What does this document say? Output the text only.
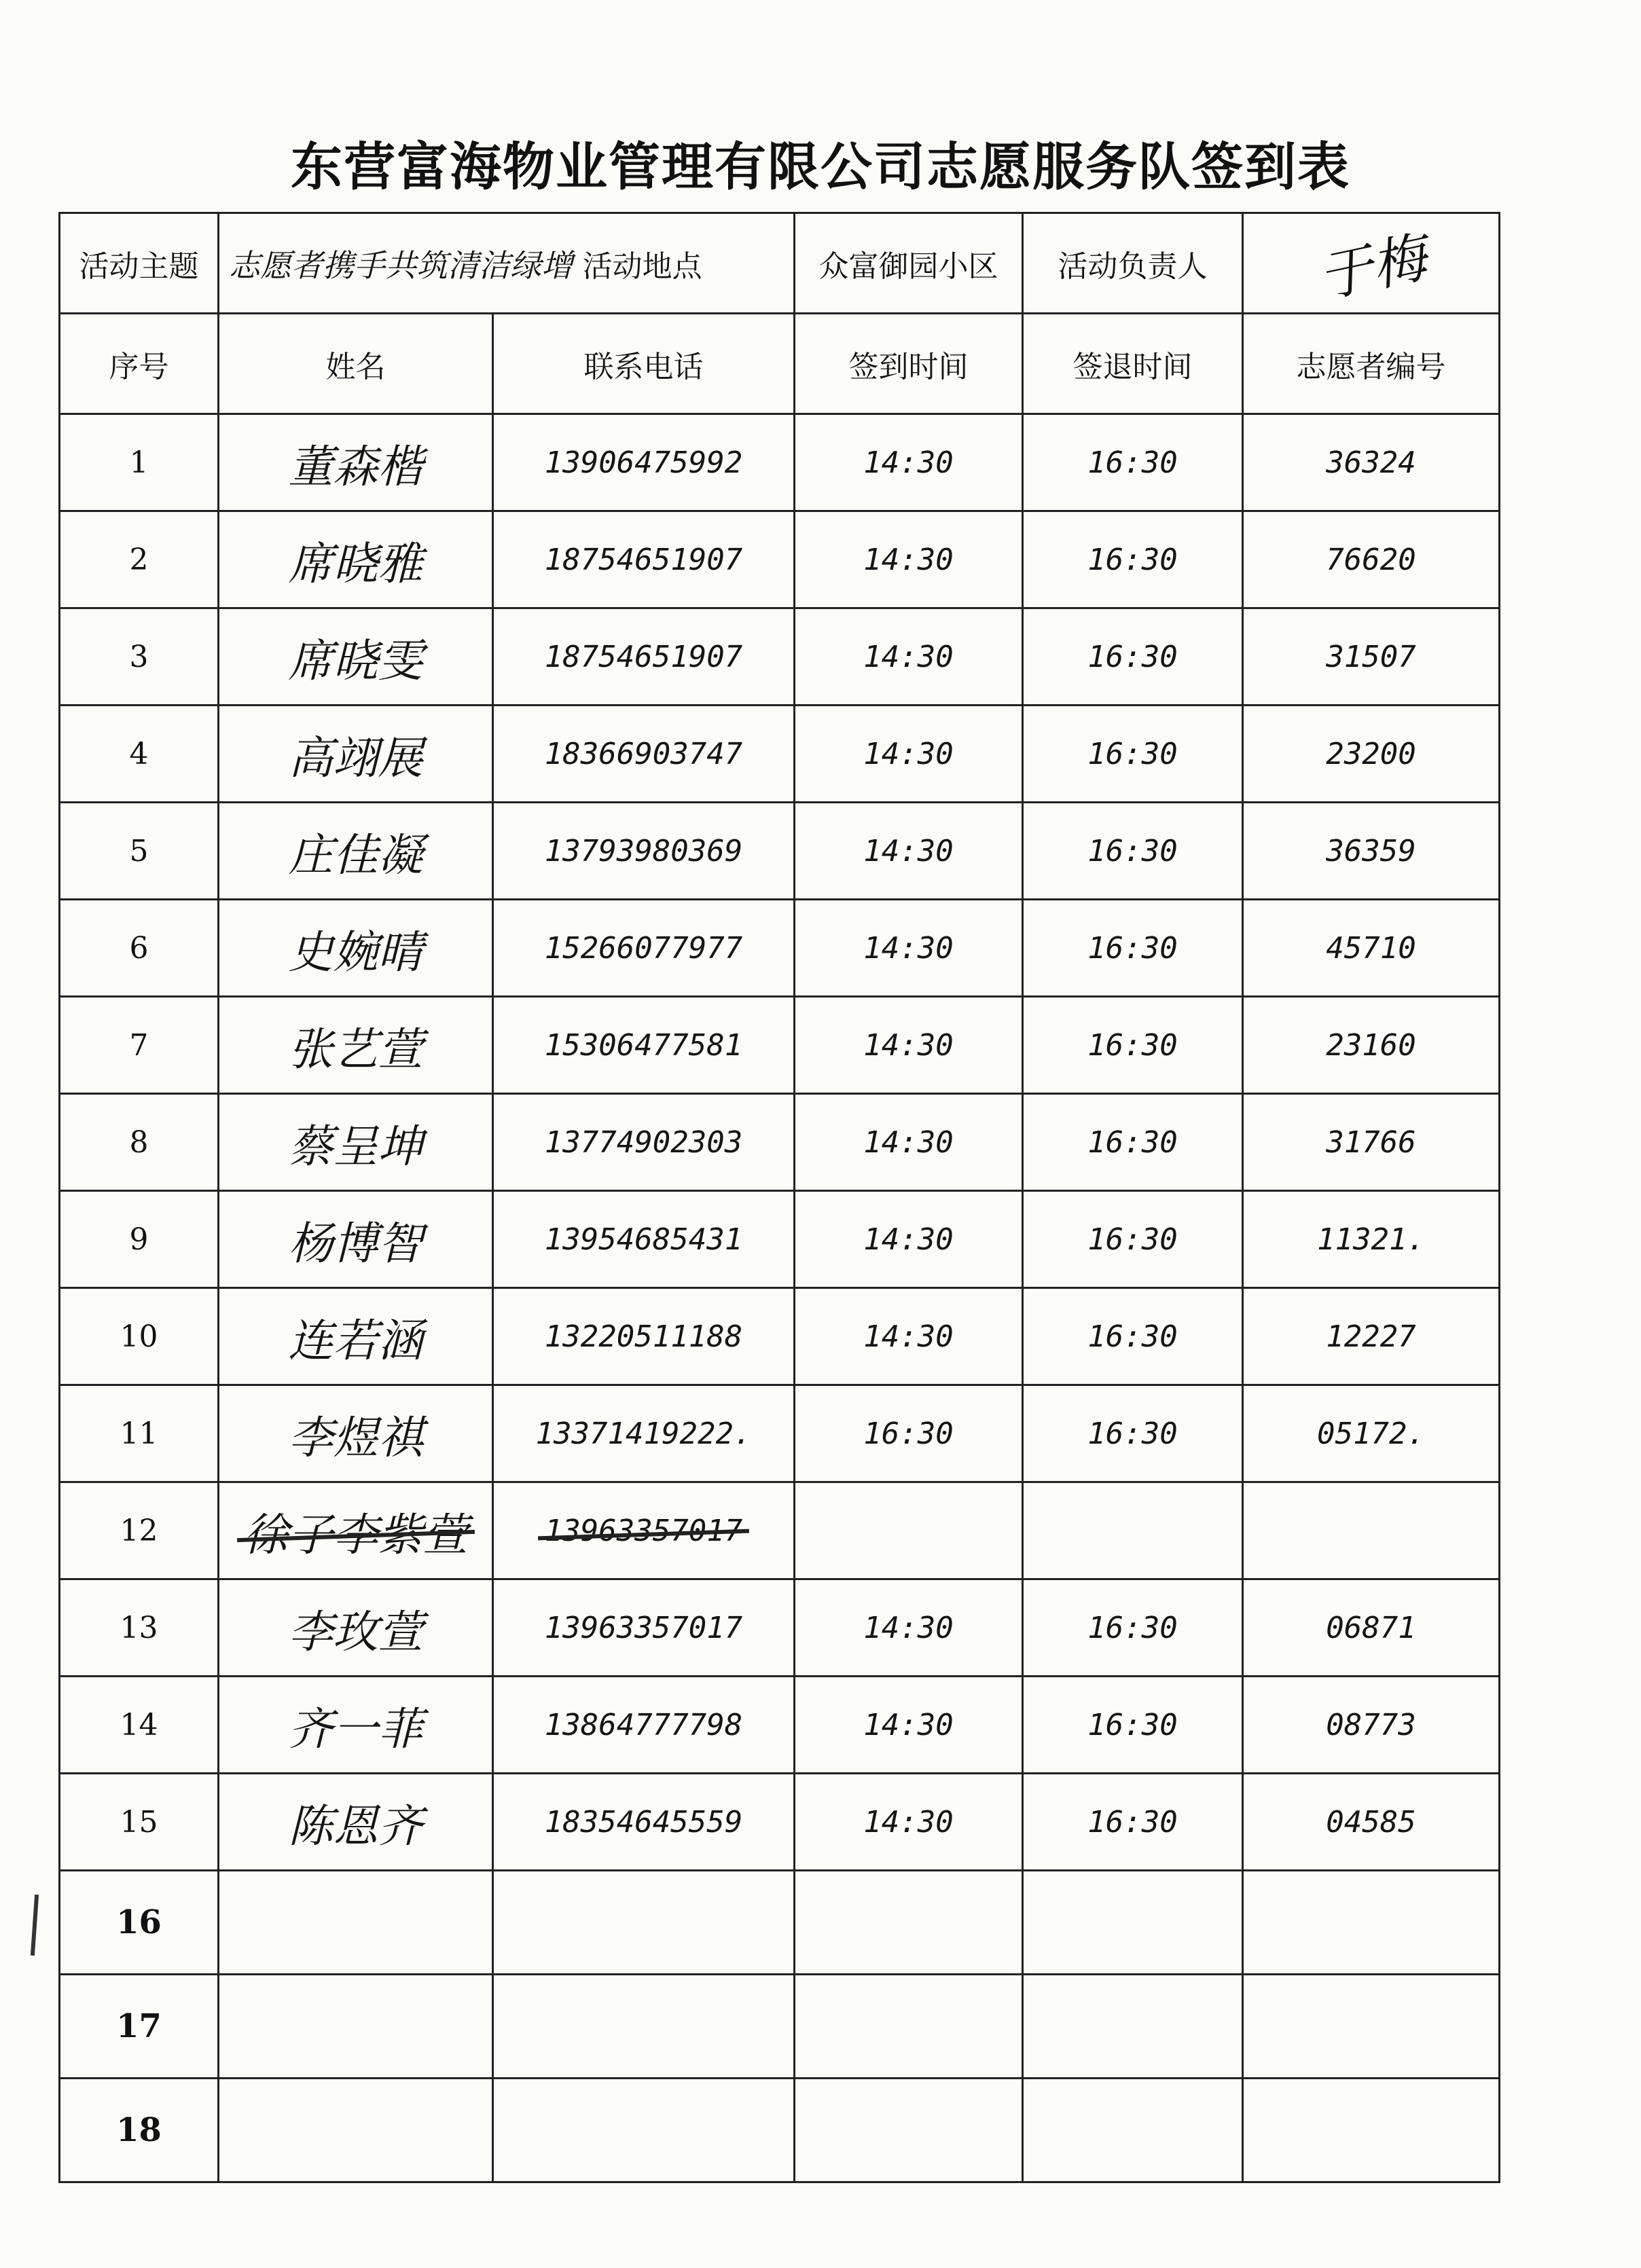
东营富海物业管理有限公司志愿服务队签到表
活动主题	志愿者携手共筑清洁绿增 活动地点		众富御园小区	活动负责人	于梅
序号	姓名	联系电话	签到时间	签退时间	志愿者编号
1	董森楷	13906475992	14:30	16:30	36324
2	席晓雅	18754651907	14:30	16:30	76620
3	席晓雯	18754651907	14:30	16:30	31507
4	高翊展	18366903747	14:30	16:30	23200
5	庄佳凝	13793980369	14:30	16:30	36359
6	史婉晴	15266077977	14:30	16:30	45710
7	张艺萱	15306477581	14:30	16:30	23160
8	蔡呈坤	13774902303	14:30	16:30	31766
9	杨博智	13954685431	14:30	16:30	11321.
10	连若涵	13220511188	14:30	16:30	12227
11	李煜祺	13371419222.	16:30	16:30	05172.
12	徐子李紫萱	13963357017			
13	李玫萱	13963357017	14:30	16:30	06871
14	齐一菲	13864777798	14:30	16:30	08773
15	陈恩齐	18354645559	14:30	16:30	04585
16					
17					
18					
